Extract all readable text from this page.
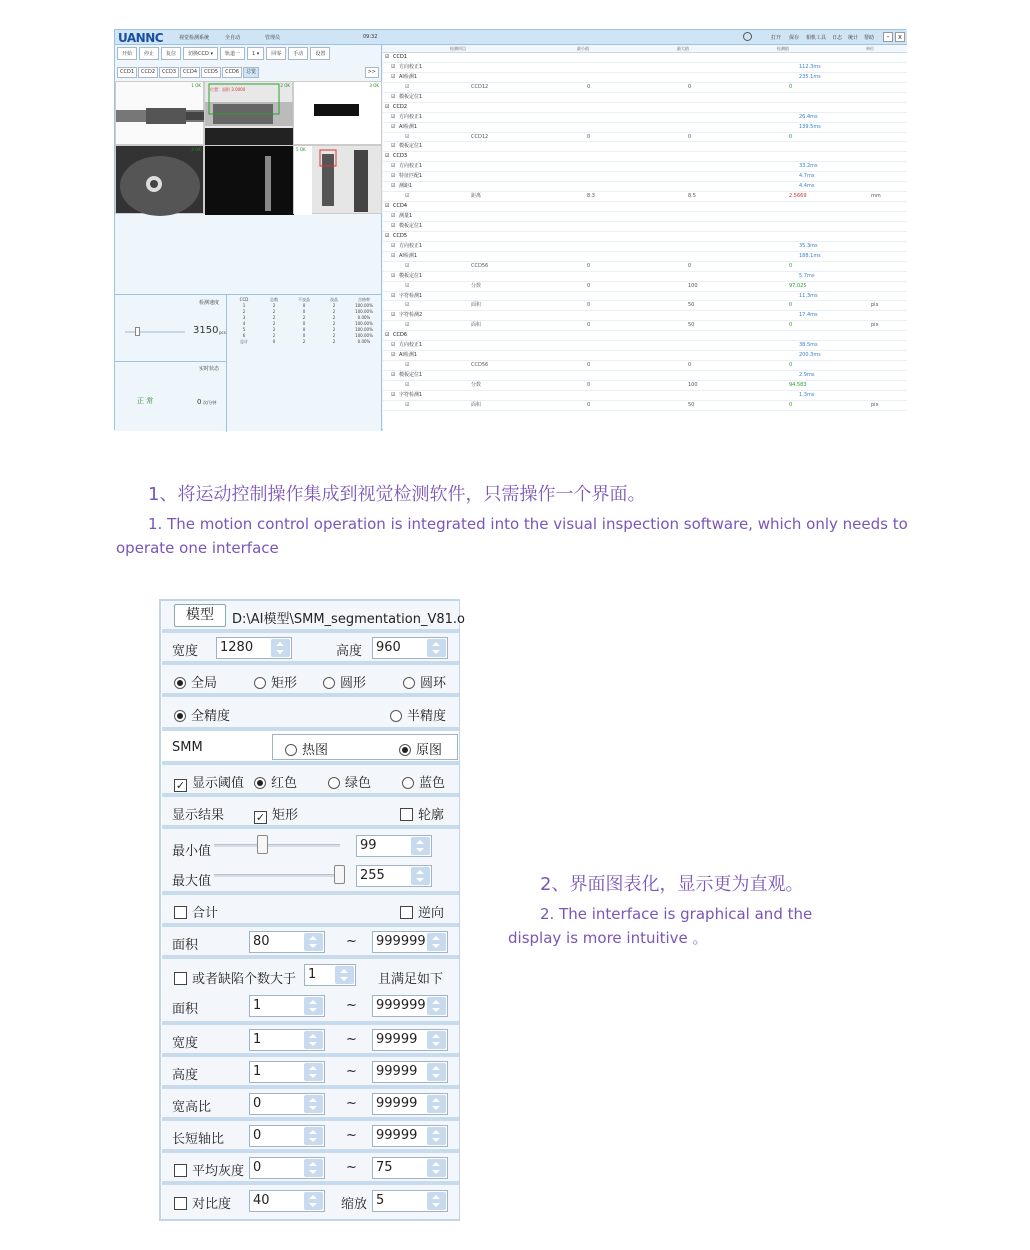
UANNC	视觉检测系统	全自动	管理员	09:32	打开 保存 相机工具 日志 统计 帮助	-	x
开始	停止	复位	切换CCD ▾	轨道一	1 ▾	回零	手动	设置
CCD1	CCD2	CCD3	CCD4	CCD5	CCD6	总览	>>
1 OK	2 OK	3 OK
位置：面积 3.0000
4 OK	5 OK
检测速度
3150 pcs
实时状态
正 常	0 次/分钟
CCD	总数	不良品	良品	合格率
1	2	0	2	100.00%
2	2	0	2	100.00%
3	2	2	2	0.00%
4	2	0	2	100.00%
5	2	0	2	100.00%
6	2	0	2	100.00%
总计	0	2	2	0.00%
检测项目	最小值	最大值	检测值	单位
☑ CCD1
☑ 方向校正1	112.3ms
☑ AI检测1	235.1ms
☑	CCD12	0	0	0
☑ 模板定位1
☑ CCD2
☑ 方向校正1	26.4ms
☑ AI检测1	139.5ms
☑	CCD12	0	0	0
☑ 模板定位1
☑ CCD3
☑ 方向校正1	33.2ms
☑ 特征匹配1	4.7ms
☑ 测距1	4.4ms
☑	距离	8.3	8.5	2.5669	mm
☑ CCD4
☑ 测量1
☑ 模板定位1
☑ CCD5
☑ 方向校正1	35.3ms
☑ AI检测1	188.1ms
☑	CCD56	0	0	0
☑ 模板定位1	5.7ms
☑	分数	0	100	97.025
☑ 字符检测1	11.3ms
☑	面积	0	50	0	pix
☑ 字符检测2	17.4ms
☑	面积	0	50	0	pix
☑ CCD6
☑ 方向校正1	38.5ms
☑ AI检测1	200.3ms
☑	CCD56	0	0	0
☑ 模板定位1	2.9ms
☑	分数	0	100	94.583
☑ 字符检测1	1.3ms
☑	面积	0	50	0	pix
1、将运动控制操作集成到视觉检测软件，只需操作一个界面。
1. The motion control operation is integrated into the visual inspection software, which only needs to
operate one interface
模型	D:\AI模型\SMM_segmentation_V81.o
宽度 1280	高度 960
全局	矩形	圆形	圆环
全精度	半精度
SMM	热图	原图
✓ 显示阈值	红色	绿色	蓝色
显示结果	✓ 矩形	轮廓
最小值	99
最大值	255
合计	逆向
面积	80	~ 999999
或者缺陷个数大于 1	且满足如下
面积	1	~ 999999
宽度	1	~ 99999
高度	1	~ 99999
宽高比	0	~ 99999
长短轴比 0	~ 99999
平均灰度 0	~ 75
对比度 40	缩放 5
2、界面图表化，显示更为直观。
2. The interface is graphical and the
display is more intuitive 。
